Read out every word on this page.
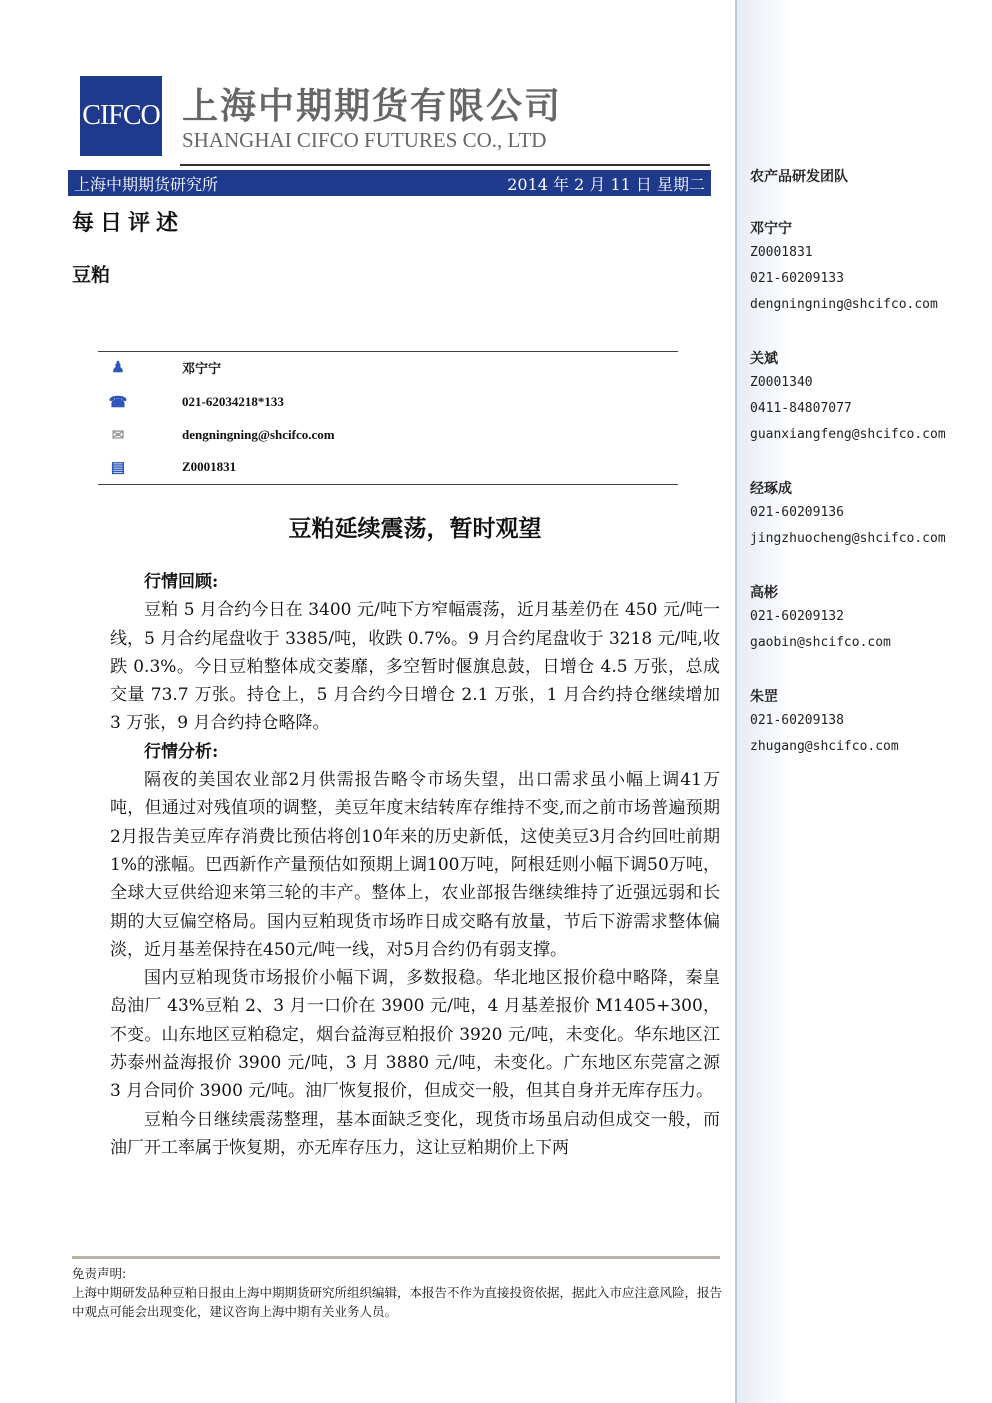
CIFCO 上海中期期货有限公司
SHANGHAI CIFCO FUTURES CO., LTD
上海中期期货研究所	2014 年 2 月 11 日 星期二
每日评述
豆粕
♟	邓宁宁
☎	021-62034218*133
✉	dengningning@shcifco.com
▤	Z0001831
豆粕延续震荡，暂时观望

行情回顾:

豆粕 5 月合约今日在 3400 元/吨下方窄幅震荡，近月基差仍在 450 元/吨一线，5 月合约尾盘收于 3385/吨，收跌 0.7%。9 月合约尾盘收于 3218 元/吨,收跌 0.3%。今日豆粕整体成交萎靡，多空暂时偃旗息鼓，日增仓 4.5 万张，总成交量 73.7 万张。持仓上，5 月合约今日增仓 2.1 万张，1 月合约持仓继续增加 3 万张，9 月合约持仓略降。

行情分析:

隔夜的美国农业部2月供需报告略令市场失望，出口需求虽小幅上调41万吨，但通过对残值项的调整，美豆年度末结转库存维持不变,而之前市场普遍预期2月报告美豆库存消费比预估将创10年来的历史新低，这使美豆3月合约回吐前期1%的涨幅。巴西新作产量预估如预期上调100万吨，阿根廷则小幅下调50万吨，全球大豆供给迎来第三轮的丰产。整体上，农业部报告继续维持了近强远弱和长期的大豆偏空格局。国内豆粕现货市场昨日成交略有放量，节后下游需求整体偏淡，近月基差保持在450元/吨一线，对5月合约仍有弱支撑。

国内豆粕现货市场报价小幅下调，多数报稳。华北地区报价稳中略降，秦皇岛油厂 43%豆粕 2、3 月一口价在 3900 元/吨，4 月基差报价 M1405+300，不变。山东地区豆粕稳定，烟台益海豆粕报价 3920 元/吨，未变化。华东地区江苏泰州益海报价 3900 元/吨，3 月 3880 元/吨，未变化。广东地区东莞富之源 3 月合同价 3900 元/吨。油厂恢复报价，但成交一般，但其自身并无库存压力。

豆粕今日继续震荡整理，基本面缺乏变化，现货市场虽启动但成交一般，而油厂开工率属于恢复期，亦无库存压力，这让豆粕期价上下两

免责声明:

上海中期研发品种豆粕日报由上海中期期货研究所组织编辑，本报告不作为直接投资依据，据此入市应注意风险，报告中观点可能会出现变化，建议咨询上海中期有关业务人员。

农产品研发团队
邓宁宁
Z0001831
021-60209133
dengningning@shcifco.com
关斌
Z0001340
0411-84807077
guanxiangfeng@shcifco.com
经琢成
021-60209136
jingzhuocheng@shcifco.com
高彬
021-60209132
gaobin@shcifco.com
朱罡
021-60209138
zhugang@shcifco.com
